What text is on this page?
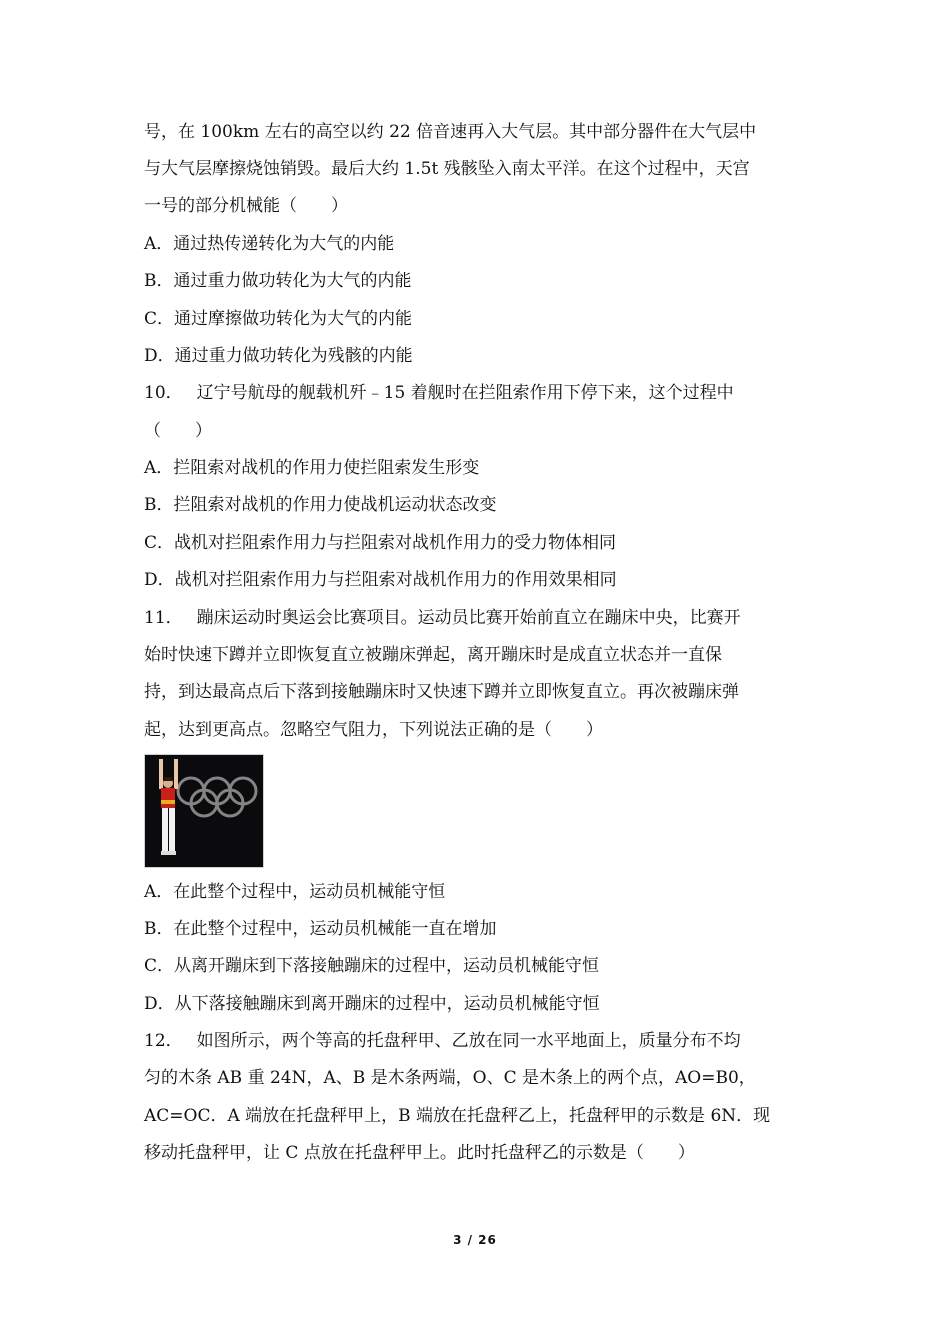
号，在 100km 左右的高空以约 22 倍音速再入大气层。其中部分器件在大气层中
与大气层摩擦烧蚀销毁。最后大约 1.5t 残骸坠入南太平洋。在这个过程中，天宫
一号的部分机械能（　　）
A．通过热传递转化为大气的内能
B．通过重力做功转化为大气的内能
C．通过摩擦做功转化为大气的内能
D．通过重力做功转化为残骸的内能
10． 辽宁号航母的舰载机歼﹣15 着舰时在拦阻索作用下停下来，这个过程中
（　　）
A．拦阻索对战机的作用力使拦阻索发生形变
B．拦阻索对战机的作用力使战机运动状态改变
C．战机对拦阻索作用力与拦阻索对战机作用力的受力物体相同
D．战机对拦阻索作用力与拦阻索对战机作用力的作用效果相同
11． 蹦床运动时奥运会比赛项目。运动员比赛开始前直立在蹦床中央，比赛开
始时快速下蹲并立即恢复直立被蹦床弹起，离开蹦床时是成直立状态并一直保
持，到达最高点后下落到接触蹦床时又快速下蹲并立即恢复直立。再次被蹦床弹
起，达到更高点。忽略空气阻力，下列说法正确的是（　　）
A．在此整个过程中，运动员机械能守恒
B．在此整个过程中，运动员机械能一直在增加
C．从离开蹦床到下落接触蹦床的过程中，运动员机械能守恒
D．从下落接触蹦床到离开蹦床的过程中，运动员机械能守恒
12． 如图所示，两个等高的托盘秤甲、乙放在同一水平地面上，质量分布不均
匀的木条 AB 重 24N，A、B 是木条两端，O、C 是木条上的两个点，AO=B0，
AC=OC．A 端放在托盘秤甲上，B 端放在托盘秤乙上，托盘秤甲的示数是 6N．现
移动托盘秤甲，让 C 点放在托盘秤甲上。此时托盘秤乙的示数是（　　）
3 / 26
